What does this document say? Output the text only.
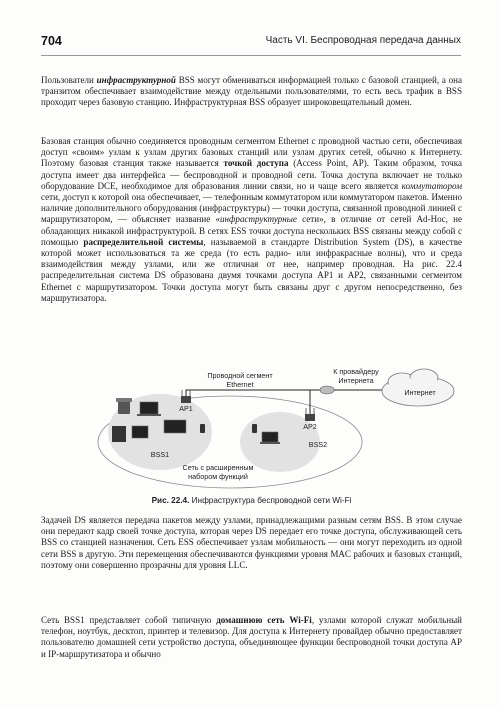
704	Часть VI. Беспроводная передача данных

Пользователи инфраструктурной BSS могут обмениваться информацией только с базовой станцией, а она транзитом обеспечивает взаимодействие между отдельными пользователями, то есть весь трафик в BSS проходит через базовую станцию. Инфраструктурная BSS образует широковещательный домен.

Базовая станция обычно соединяется проводным сегментом Ethernet с проводной частью сети, обеспечивая доступ «своим» узлам к узлам других базовых станций или узлам других сетей, обычно к Интернету. Поэтому базовая станция также называется точкой доступа (Access Point, AP). Таким образом, точка доступа имеет два интерфейса — беспроводной и проводной сети. Точка доступа включает не только оборудование DCE, необходимое для образования линии связи, но и чаще всего является коммутатором сети, доступ к которой она обеспечивает, — телефонным коммутатором или коммутатором пакетов. Именно наличие дополнительного оборудования (инфраструктуры) — точки доступа, связанной проводной линией с маршрутизатором, — объясняет название «инфраструктурные сети», в отличие от сетей Ad-Hoc, не обладающих никакой инфраструктурой. В сетях ESS точки доступа нескольких BSS связаны между собой с помощью распределительной системы, называемой в стандарте Distribution System (DS), в качестве которой может использоваться та же среда (то есть радио- или инфракрасные волны), что и среда взаимодействия между узлами, или же отличная от нее, например проводная. На рис. 22.4 распределительная система DS образована двумя точками доступа AP1 и AP2, связанными сегментом Ethernet с маршрутизатором. Точки доступа могут быть связаны друг с другом непосредственно, без маршрутизатора.

Проводной сегмент Ethernet
К провайдеру Интернета
Интернет
AP1
AP2
BSS1
BSS2
Сеть с расширенным набором функций
Рис. 22.4. Инфраструктура беспроводной сети Wi-Fi

Задачей DS является передача пакетов между узлами, принадлежащими разным сетям BSS. В этом случае они передают кадр своей точке доступа, которая через DS передает его точке доступа, обслуживающей сеть BSS со станцией назначения. Сеть ESS обеспечивает узлам мобильность — они могут переходить из одной сети BSS в другую. Эти перемещения обеспечиваются функциями уровня MAC рабочих и базовых станций, поэтому они совершенно прозрачны для уровня LLC.

Сеть BSS1 представляет собой типичную домашнюю сеть Wi-Fi, узлами которой служат мобильный телефон, ноутбук, десктоп, принтер и телевизор. Для доступа к Интернету провайдер обычно предоставляет пользователю домашней сети устройство доступа, объединяющее функции беспроводной точки доступа AP и IP-маршрутизатора и обычно
